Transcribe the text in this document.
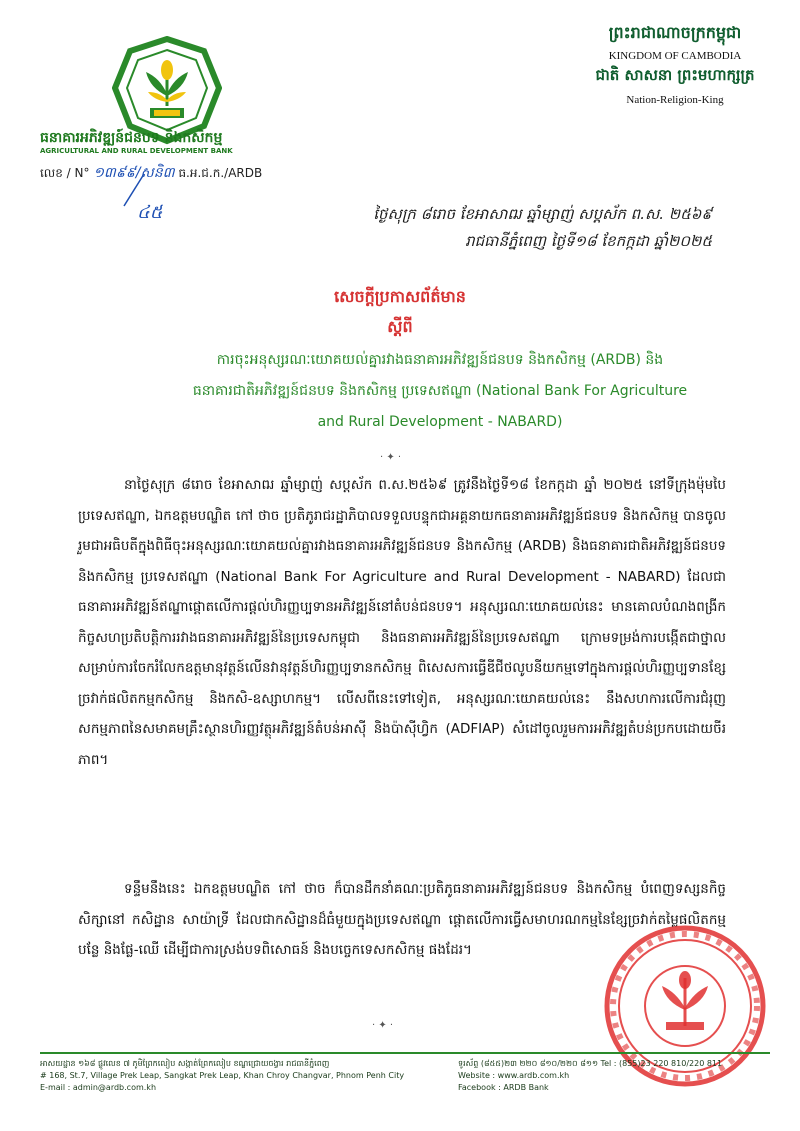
ធនាគារអភិវឌ្ឍន៍ជនបទ និងកសិកម្ម
AGRICULTURAL AND RURAL DEVELOPMENT BANK
លេខ / N° ១៣៩៩/សនិ៣ ធ.អ.ជ.ក./ARDB
៤៥
ព្រះរាជាណាចក្រកម្ពុជា
KINGDOM OF CAMBODIA
ជាតិ សាសនា ព្រះមហាក្សត្រ
Nation-Religion-King
ថ្ងៃសុក្រ ៨រោច ខែអាសាឍ ឆ្នាំម្សាញ់ សប្តស័ក ព.ស. ២៥៦៩
រាជធានីភ្នំពេញ ថ្ងៃទី១៨ ខែកក្កដា ឆ្នាំ២០២៥
សេចក្តីប្រកាសព័ត៌មាន
ស្តីពី
ការចុះអនុស្សរណៈយោគយល់គ្នារវាងធនាគារអភិវឌ្ឍន៍ជនបទ និងកសិកម្ម (ARDB) និង
ធនាគារជាតិអភិវឌ្ឍន៍ជនបទ និងកសិកម្ម ប្រទេសឥណ្ឌា (National Bank For Agriculture
and Rural Development - NABARD)
· ✦ ·
នាថ្ងៃសុក្រ ៨រោច ខែអាសាឍ ឆ្នាំម្សាញ់ សប្តស័ក ព.ស.២៥៦៩ ត្រូវនឹងថ្ងៃទី១៨ ខែកក្កដា ឆ្នាំ ២០២៥ នៅទីក្រុងម៉ុមបៃ ប្រទេសឥណ្ឌា, ឯកឧត្តមបណ្ឌិត កៅ ថាច ប្រតិភូរាជរដ្ឋាភិបាលទទួលបន្ទុកជាអគ្គនាយកធនាគារអភិវឌ្ឍន៍ជនបទ និងកសិកម្ម បានចូលរួមជាអធិបតីក្នុងពិធីចុះអនុស្សរណៈយោគយល់គ្នារវាងធនាគារអភិវឌ្ឍន៍ជនបទ និងកសិកម្ម (ARDB) និងធនាគារជាតិអភិវឌ្ឍន៍ជនបទ និងកសិកម្ម ប្រទេសឥណ្ឌា (National Bank For Agriculture and Rural Development - NABARD) ដែលជាធនាគារអភិវឌ្ឍន៍ឥណ្ឌាផ្តោតលើការផ្តល់ហិរញ្ញប្បទានអភិវឌ្ឍន៍នៅតំបន់ជនបទ។ អនុស្សរណៈយោគយល់នេះ មានគោលបំណងពង្រីកកិច្ចសហប្រតិបត្តិការរវាងធនាគារអភិវឌ្ឍន៍នៃប្រទេសកម្ពុជា និងធនាគារអភិវឌ្ឍន៍នៃប្រទេសឥណ្ឌា ក្រោមទម្រង់ការបង្កើតជាថ្នាលសម្រាប់ការចែករំលែកឧត្តមានុវត្តន៍លើនវានុវត្តន៍ហិរញ្ញប្បទានកសិកម្ម ពិសេសការធ្វើឌីជីថលូបនីយកម្មទៅក្នុងការផ្តល់ហិរញ្ញប្បទានខ្សែច្រវាក់ផលិតកម្មកសិកម្ម និងកសិ-ឧស្សាហកម្ម។ លើសពីនេះទៅទៀត, អនុស្សរណៈយោគយល់នេះ នឹងសហការលើការជំរុញសកម្មភាពនៃសមាគមគ្រឹះស្ថានហិរញ្ញវត្ថុអភិវឌ្ឍន៍តំបន់អាស៊ី និងប៉ាស៊ីហ្វិក (ADFIAP) សំដៅចូលរួមការអភិវឌ្ឍតំបន់ប្រកបដោយចីរភាព។
ទន្ទឹមនឹងនេះ ឯកឧត្តមបណ្ឌិត កៅ ថាច ក៏បានដឹកនាំគណៈប្រតិភូធនាគារអភិវឌ្ឍន៍ជនបទ និងកសិកម្ម បំពេញទស្សនកិច្ចសិក្សានៅ កសិដ្ឋាន សាយ៉ាទ្រី ដែលជាកសិដ្ឋានដ៏ធំមួយក្នុងប្រទេសឥណ្ឌា ផ្តោតលើការធ្វើសមាហរណកម្មនៃខ្សែច្រវាក់តម្លៃផលិតកម្មបន្លែ និងផ្លែ-ឈើ ដើម្បីជាការស្រង់បទពិសោធន៍ និងបច្ចេកទេសកសិកម្ម ផងដែរ។
· ✦ ·
អាសយដ្ឋាន ១៦៨ ផ្លូវលេខ ៧ ភូមិព្រែកលៀប សង្កាត់ព្រែកលៀប ខណ្ឌជ្រោយចង្វារ រាជធានីភ្នំពេញ
# 168, St.7, Village Prek Leap, Sangkat Prek Leap, Khan Chroy Changvar, Phnom Penh City
E-mail : admin@ardb.com.kh
ទូរស័ព្ទ (៨៥៥)២៣ ២២០ ៨១០/២២០ ៨១១ Tel : (855)23 220 810/220 811
Website : www.ardb.com.kh
Facebook : ARDB Bank
